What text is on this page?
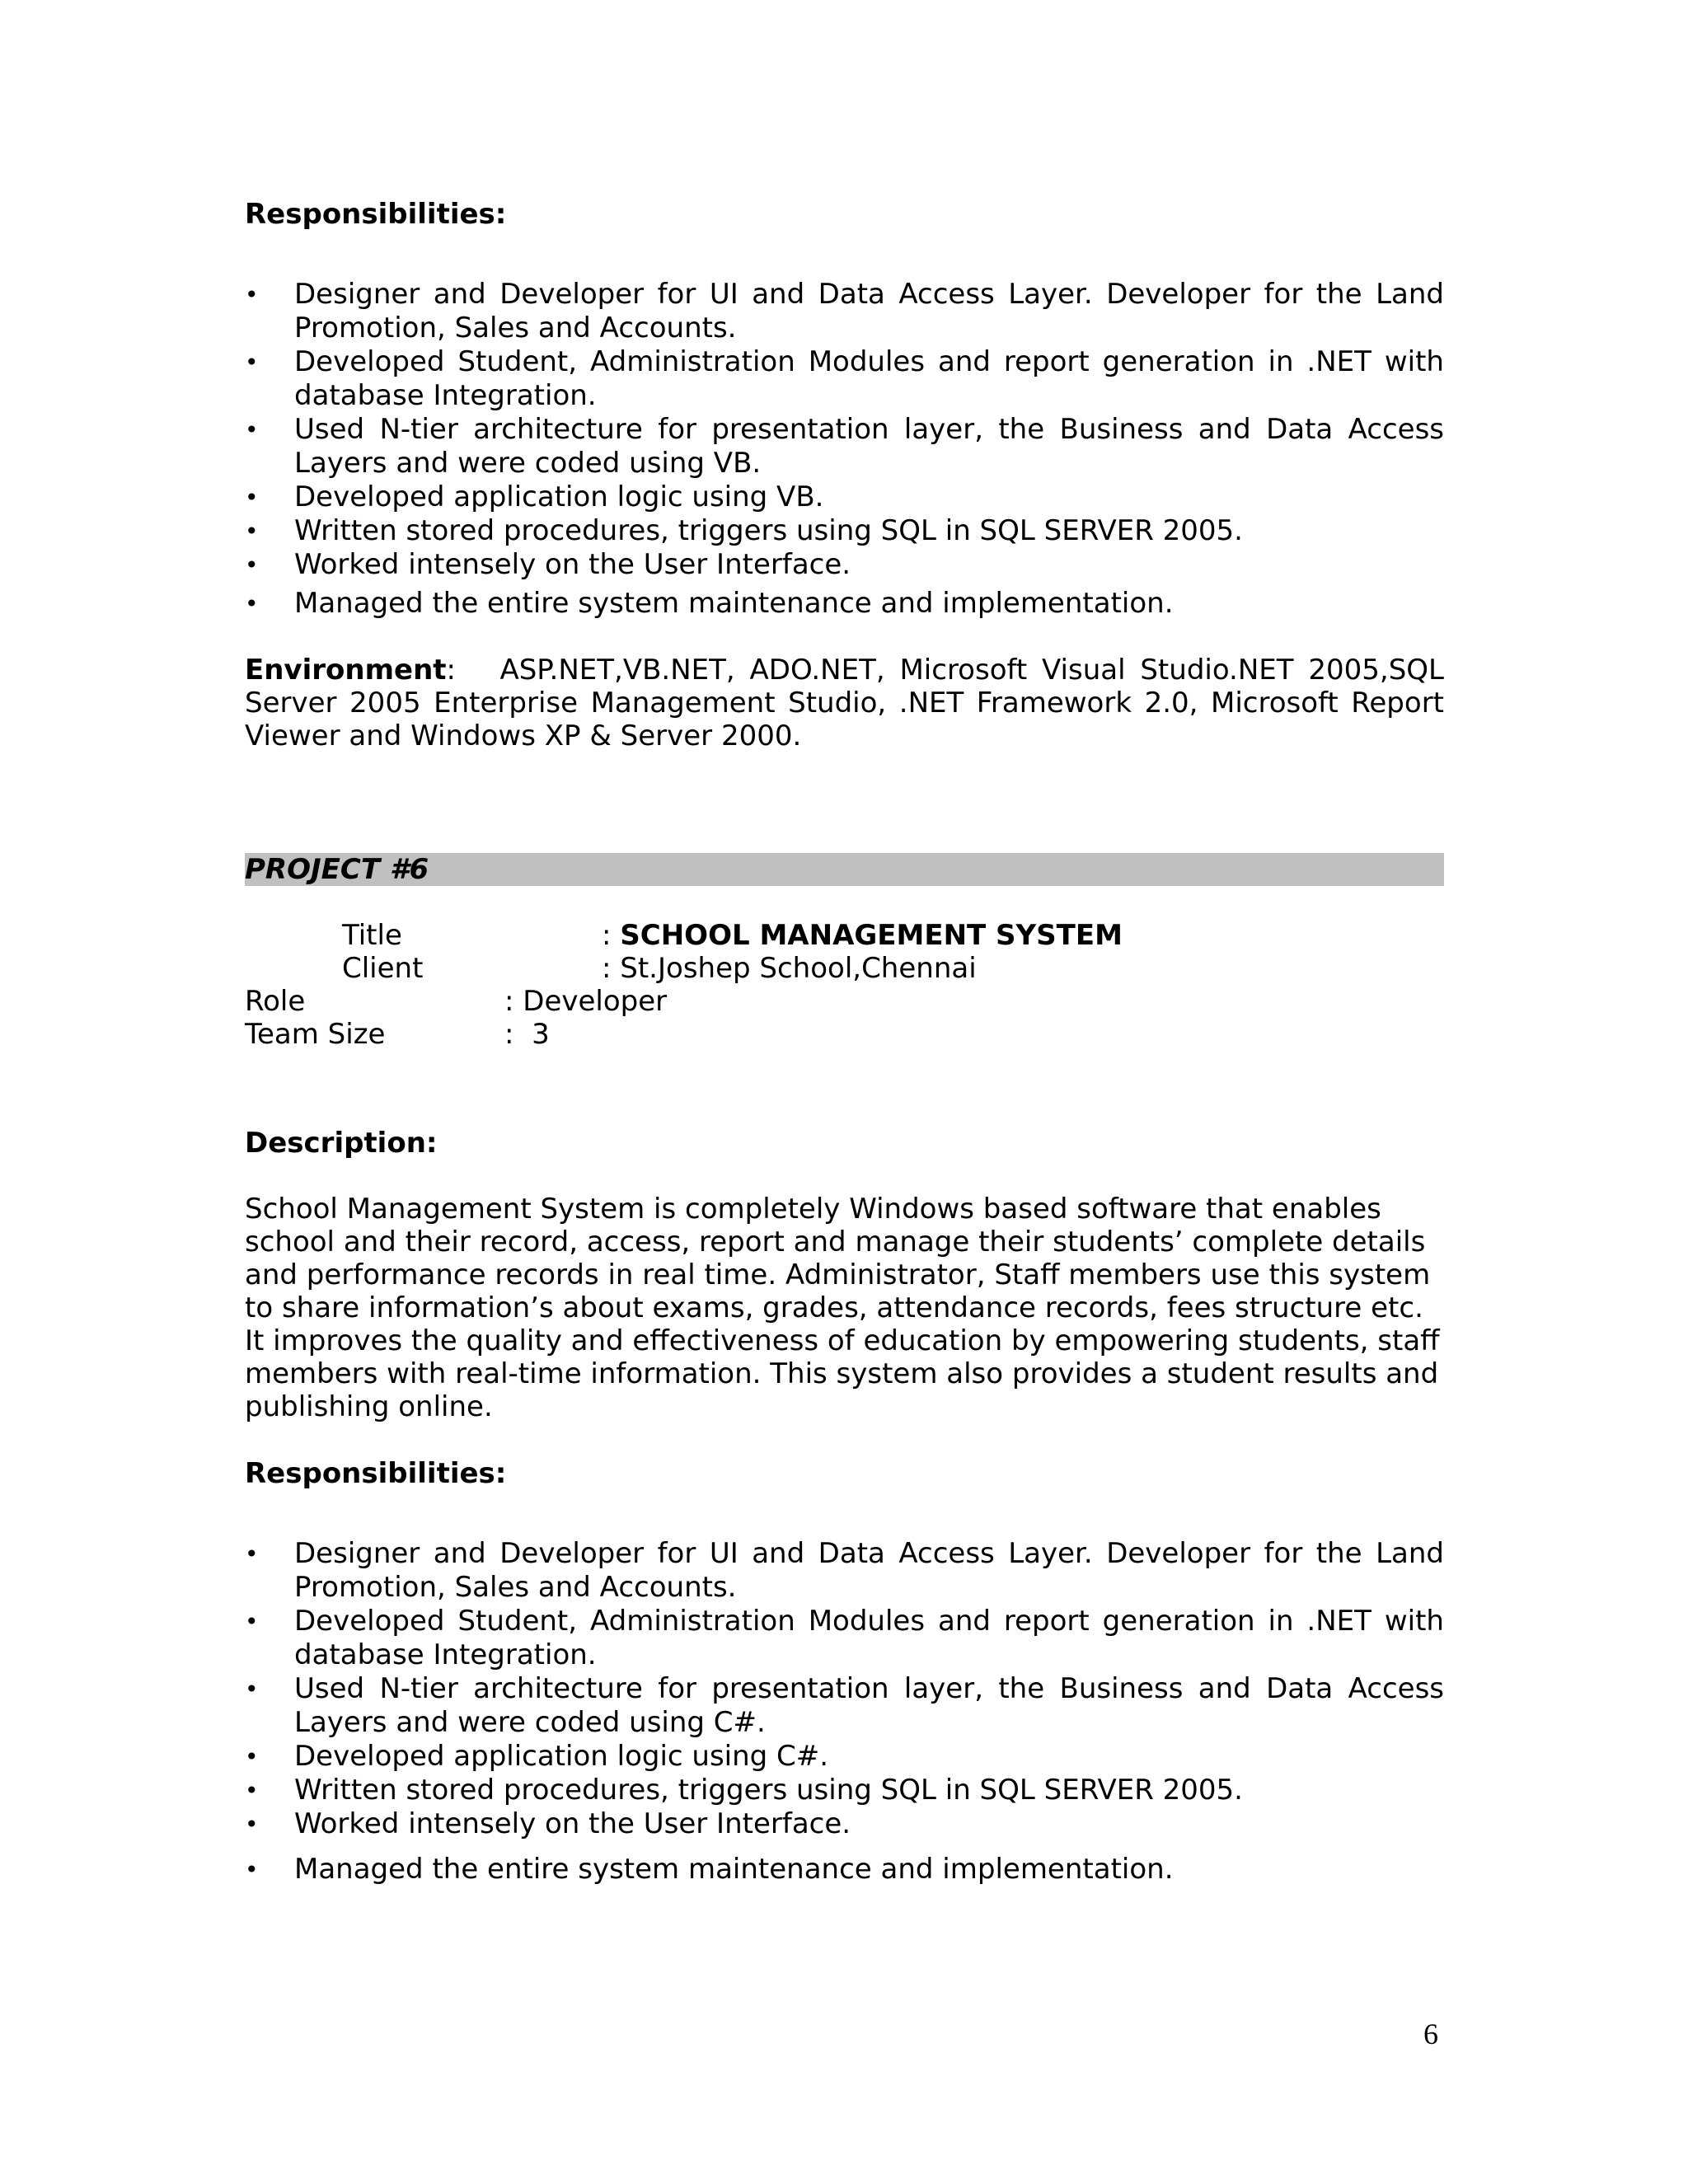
Responsibilities:
• Designer and Developer for UI and Data Access Layer. Developer for the Land Promotion, Sales and Accounts.
• Developed Student, Administration Modules and report generation in .NET with database Integration.
• Used N-tier architecture for presentation layer, the Business and Data Access Layers and were coded using VB.
• Developed application logic using VB.
• Written stored procedures, triggers using SQL in SQL SERVER 2005.
• Worked intensely on the User Interface.
• Managed the entire system maintenance and implementation.
Environment:   ASP.NET,VB.NET, ADO.NET, Microsoft Visual Studio.NET 2005,SQL Server 2005 Enterprise Management Studio, .NET Framework 2.0, Microsoft Report Viewer and Windows XP & Server 2000.
PROJECT #6
Title	: SCHOOL MANAGEMENT SYSTEM
Client	: St.Joshep School,Chennai
Role	: Developer
Team Size	:  3
Description:
School Management System is completely Windows based software that enables school and their record, access, report and manage their students’ complete details and performance records in real time. Administrator, Staff members use this system to share information’s about exams, grades, attendance records, fees structure etc. It improves the quality and effectiveness of education by empowering students, staff members with real-time information. This system also provides a student results and publishing online.
Responsibilities:
• Designer and Developer for UI and Data Access Layer. Developer for the Land Promotion, Sales and Accounts.
• Developed Student, Administration Modules and report generation in .NET with database Integration.
• Used N-tier architecture for presentation layer, the Business and Data Access Layers and were coded using C#.
• Developed application logic using C#.
• Written stored procedures, triggers using SQL in SQL SERVER 2005.
• Worked intensely on the User Interface.
• Managed the entire system maintenance and implementation.
6
